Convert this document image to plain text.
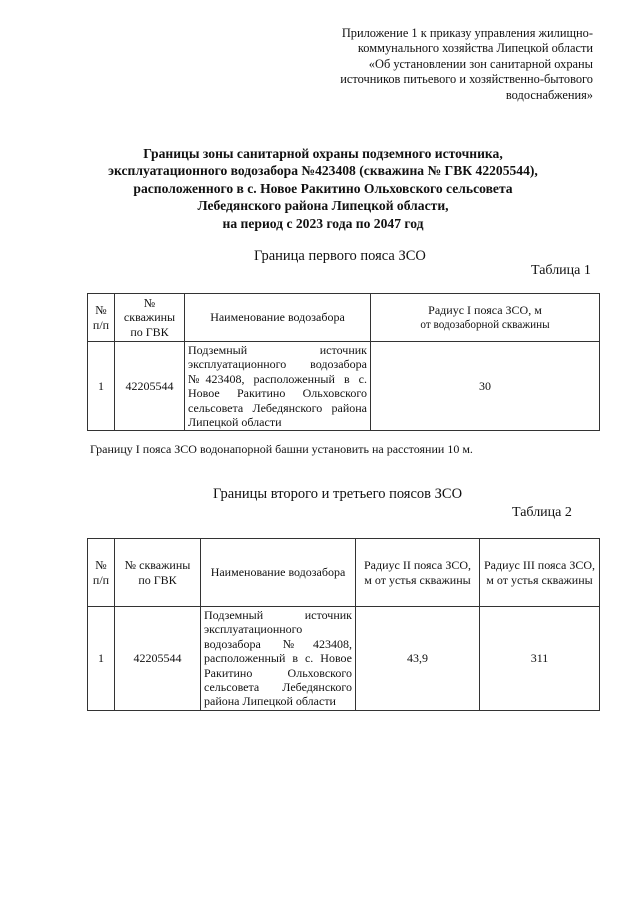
Приложение 1 к приказу управления жилищно-
коммунального хозяйства Липецкой области
«Об установлении зон санитарной охраны
источников питьевого и хозяйственно-бытового
водоснабжения»
Границы зоны санитарной охраны подземного источника,
эксплуатационного водозабора №423408 (скважина № ГВК 42205544),
расположенного в с. Новое Ракитино Ольховского сельсовета
Лебедянского района Липецкой области,
на период с 2023 года по 2047 год
Граница первого пояса ЗСО
Таблица 1
№ п/п	№ скважины по ГВК	Наименование водозабора	Радиус I пояса ЗСО, м
от водозаборной скважины

1	42205544	Подземный источник эксплуатационного водозабора №423408, расположенный в с. Новое Ракитино Ольховского сельсовета Лебедянского района Липецкой области	30
Границу I пояса ЗСО водонапорной башни установить на расстоянии 10 м.
Границы второго и третьего поясов ЗСО
Таблица 2
№ п/п	№ скважины по ГВК	Наименование водозабора	Радиус II пояса ЗСО, м от устья скважины	Радиус III пояса ЗСО, м от устья скважины
1	42205544	Подземный источник эксплуатационного водозабора №423408, расположенный в с. Новое Ракитино Ольховского сельсовета Лебедянского района Липецкой области	43,9	311
